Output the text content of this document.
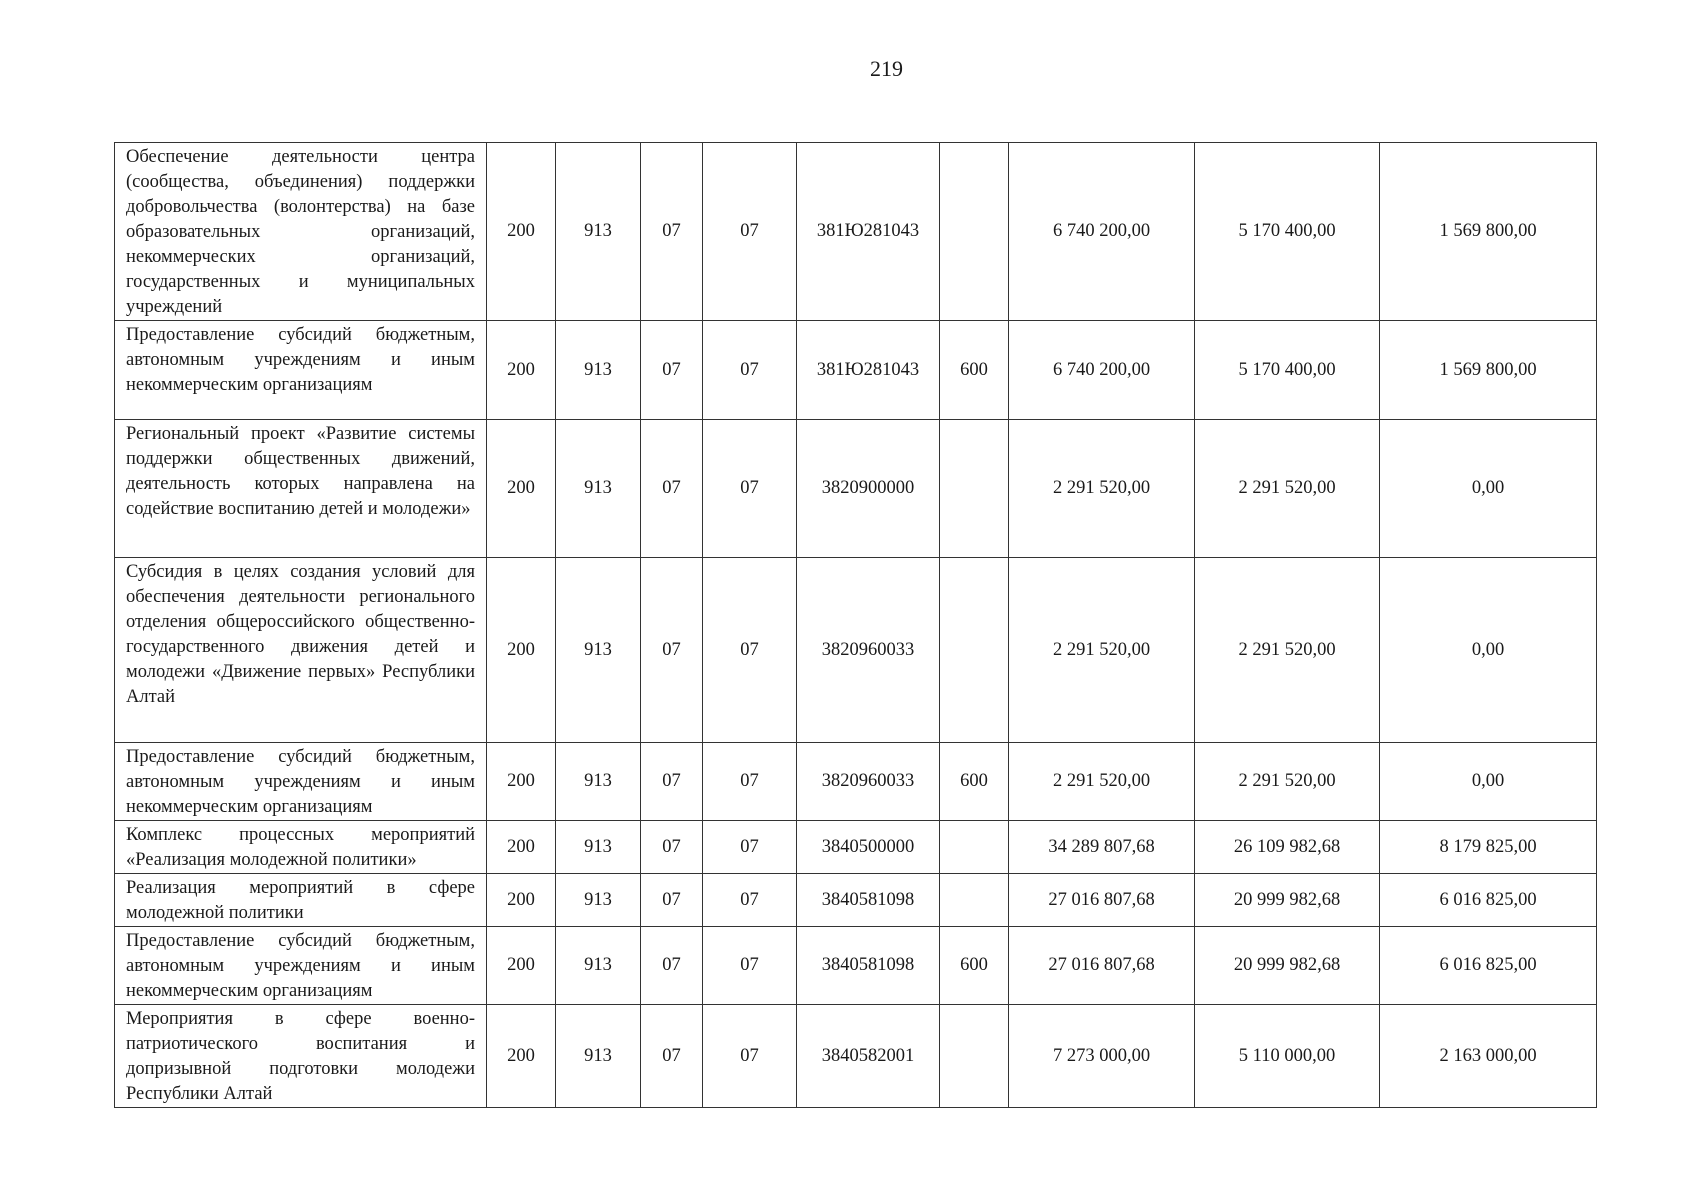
219
Обеспечение деятельности центра (сообщества, объединения) поддержки добровольчества (волонтерства) на базе образовательных организаций, некоммерческих организаций, государственных и муниципальных учреждений	200	913	07	07	381Ю281043		6 740 200,00	5 170 400,00	1 569 800,00
Предоставление субсидий бюджетным, автономным учреждениям и иным некоммерческим организациям	200	913	07	07	381Ю281043	600	6 740 200,00	5 170 400,00	1 569 800,00
Региональный проект «Развитие системы поддержки общественных движений, деятельность которых направлена на содействие воспитанию детей и молодежи»	200	913	07	07	3820900000		2 291 520,00	2 291 520,00	0,00
Субсидия в целях создания условий для обеспечения деятельности регионального отделения общероссийского общественно-государственного движения детей и молодежи «Движение первых» Республики Алтай	200	913	07	07	3820960033		2 291 520,00	2 291 520,00	0,00
Предоставление субсидий бюджетным, автономным учреждениям и иным некоммерческим организациям	200	913	07	07	3820960033	600	2 291 520,00	2 291 520,00	0,00
Комплекс процессных мероприятий «Реализация молодежной политики»	200	913	07	07	3840500000		34 289 807,68	26 109 982,68	8 179 825,00
Реализация мероприятий в сфере молодежной политики	200	913	07	07	3840581098		27 016 807,68	20 999 982,68	6 016 825,00
Предоставление субсидий бюджетным, автономным учреждениям и иным некоммерческим организациям	200	913	07	07	3840581098	600	27 016 807,68	20 999 982,68	6 016 825,00
Мероприятия в сфере военно-патриотического воспитания и допризывной подготовки молодежи Республики Алтай	200	913	07	07	3840582001		7 273 000,00	5 110 000,00	2 163 000,00
